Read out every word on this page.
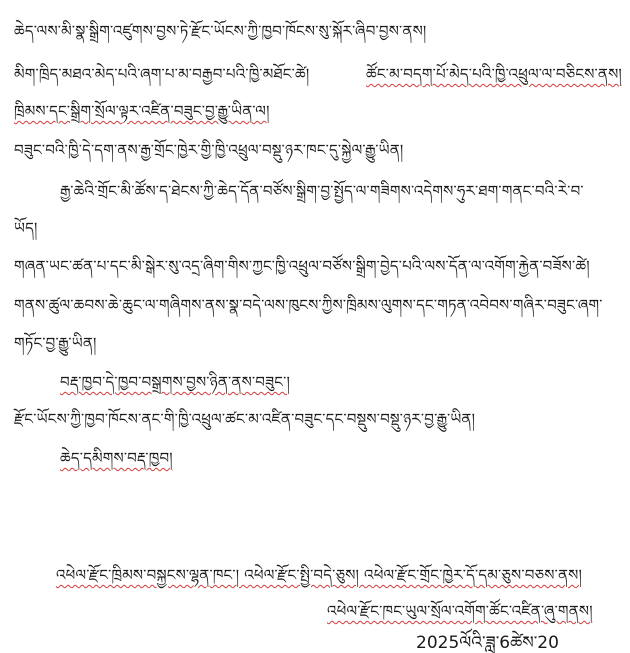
ཆེད་ལས་མི་སྣ་སྒྲིག་འཛུགས་བྱས་ཏེ་རྫོང་ཡོངས་ཀྱི་ཁྱབ་ཁོངས་སུ་སྐོར་ཞིབ་བྱས་ནས།
མིག་ཁྲིད་མཐའ་མེད་པའི་ཞག་པ་མ་བརྒྱབ་པའི་ཁྱི་མཐོང་ཚེ།	ཚོང་མ་བདག་པོ་མེད་པའི་ཁྱི་འཕྲུལ་ལ་བཅིངས་ནས།
ཁྲིམས་དང་སྒྲིག་སྲོལ་ལྟར་འཛིན་བཟུང་བྱ་རྒྱུ་ཡིན་ལ།
བཟུང་བའི་ཁྱི་དེ་དག་ནས་རྒྱ་གྲོང་ཁྱེར་གྱི་ཁྱི་འཕྲུལ་བསྡུ་ཉར་ཁང་དུ་སྐྱེལ་རྒྱུ་ཡིན།
རྒྱ་ཆེའི་གྲོང་མི་ཚོས་ད་ཐེངས་ཀྱི་ཆེད་དོན་བཙོས་སྒྲིག་བྱ་སྤྱོད་ལ་གཟིགས་འདེགས་ཧུར་ཐག་གནང་བའི་རེ་བ་
ཡོད།
གཞན་ཡང་ཚན་པ་དང་མི་སྒེར་སུ་འདྲ་ཞིག་གིས་ཀྱང་ཁྱི་འཕྲུལ་བཙོས་སྒྲིག་བྱེད་པའི་ལས་དོན་ལ་འགོག་རྐྱེན་བཟོས་ཚེ།
གནས་ཚུལ་ཆབས་ཆེ་ཆུང་ལ་གཞིགས་ནས་སྣ་བདེ་ལས་ཁུངས་ཀྱིས་ཁྲིམས་ལུགས་དང་གཏན་འབེབས་གཞིར་བཟུང་ཞག་
གཏོང་བྱ་རྒྱུ་ཡིན།
བརྡ་ཁྱབ་དེ་ཁྱབ་བསྒྲགས་བྱས་ཉིན་ནས་བཟུང་།
རྫོང་ཡོངས་ཀྱི་ཁྱབ་ཁོངས་ནང་གི་ཁྱི་འཕྲུལ་ཚང་མ་འཛིན་བཟུང་དང་བསྡུས་བསྡུ་ཉར་བྱ་རྒྱུ་ཡིན།
ཆེད་དམིགས་བརྡ་ཁྱབ།
འཕེལ་རྫོང་ཁྲིམས་བསྐྱངས་ལྷན་ཁང་། འཕེལ་རྫོང་སྤྱི་བདེ་ཅུས། འཕེལ་རྫོང་གྲོང་ཁྱེར་དོ་དམ་ཅུས་བཅས་ནས།
འཕེལ་རྫོང་ཁང་ཡུལ་སྲོལ་འགོག་ཚོང་འཛིན་ཞུ་གནས།
2025ལོའི་ཟླ་6ཚེས་20
